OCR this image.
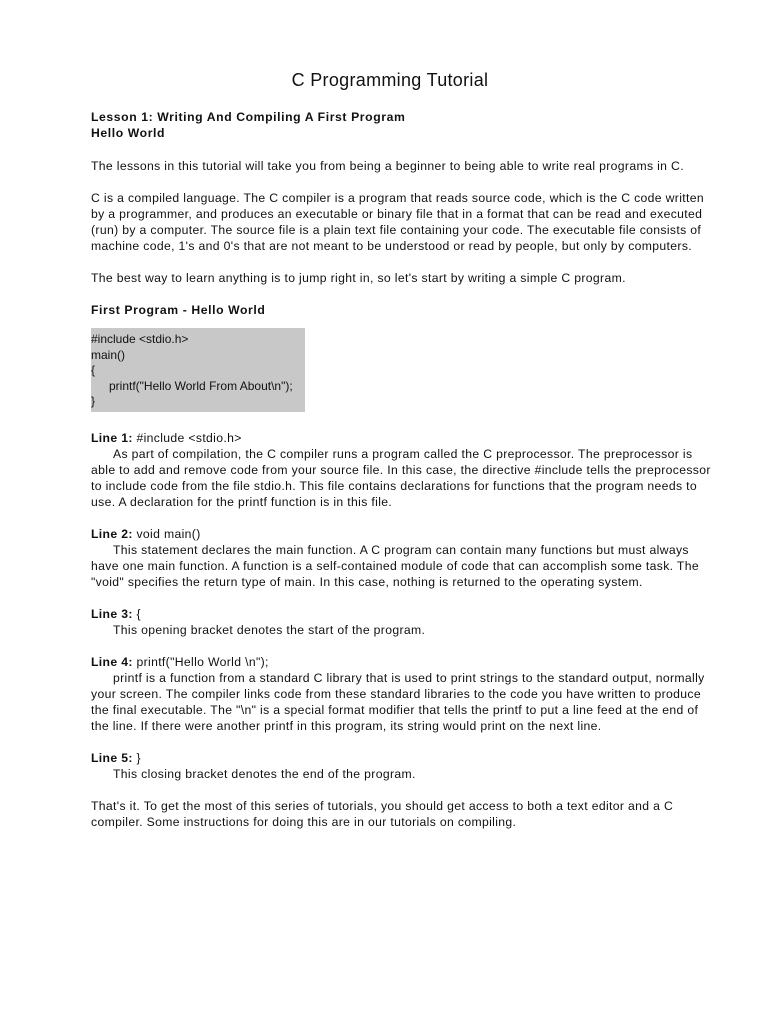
C Programming Tutorial
Lesson 1: Writing And Compiling A First Program
Hello World

The lessons in this tutorial will take you from being a beginner to being able to write real programs in C.

C is a compiled language. The C compiler is a program that reads source code, which is the C code written by a programmer, and produces an executable or binary file that in a format that can be read and executed (run) by a computer. The source file is a plain text file containing your code. The executable file consists of machine code, 1's and 0's that are not meant to be understood or read by people, but only by computers.

The best way to learn anything is to jump right in, so let's start by writing a simple C program.

First Program - Hello World
#include <stdio.h>
main()
{
printf("Hello World From About\n");
}
Line 1: #include <stdio.h>
As part of compilation, the C compiler runs a program called the C preprocessor. The preprocessor is able to add and remove code from your source file. In this case, the directive #include tells the preprocessor to include code from the file stdio.h. This file contains declarations for functions that the program needs to use. A declaration for the printf function is in this file.
Line 2: void main()
This statement declares the main function. A C program can contain many functions but must always have one main function. A function is a self-contained module of code that can accomplish some task. The "void" specifies the return type of main. In this case, nothing is returned to the operating system.
Line 3: {
This opening bracket denotes the start of the program.
Line 4: printf("Hello World \n");
printf is a function from a standard C library that is used to print strings to the standard output, normally your screen. The compiler links code from these standard libraries to the code you have written to produce the final executable. The "\n" is a special format modifier that tells the printf to put a line feed at the end of the line. If there were another printf in this program, its string would print on the next line.
Line 5: }
This closing bracket denotes the end of the program.

That's it. To get the most of this series of tutorials, you should get access to both a text editor and a C compiler. Some instructions for doing this are in our tutorials on compiling.
